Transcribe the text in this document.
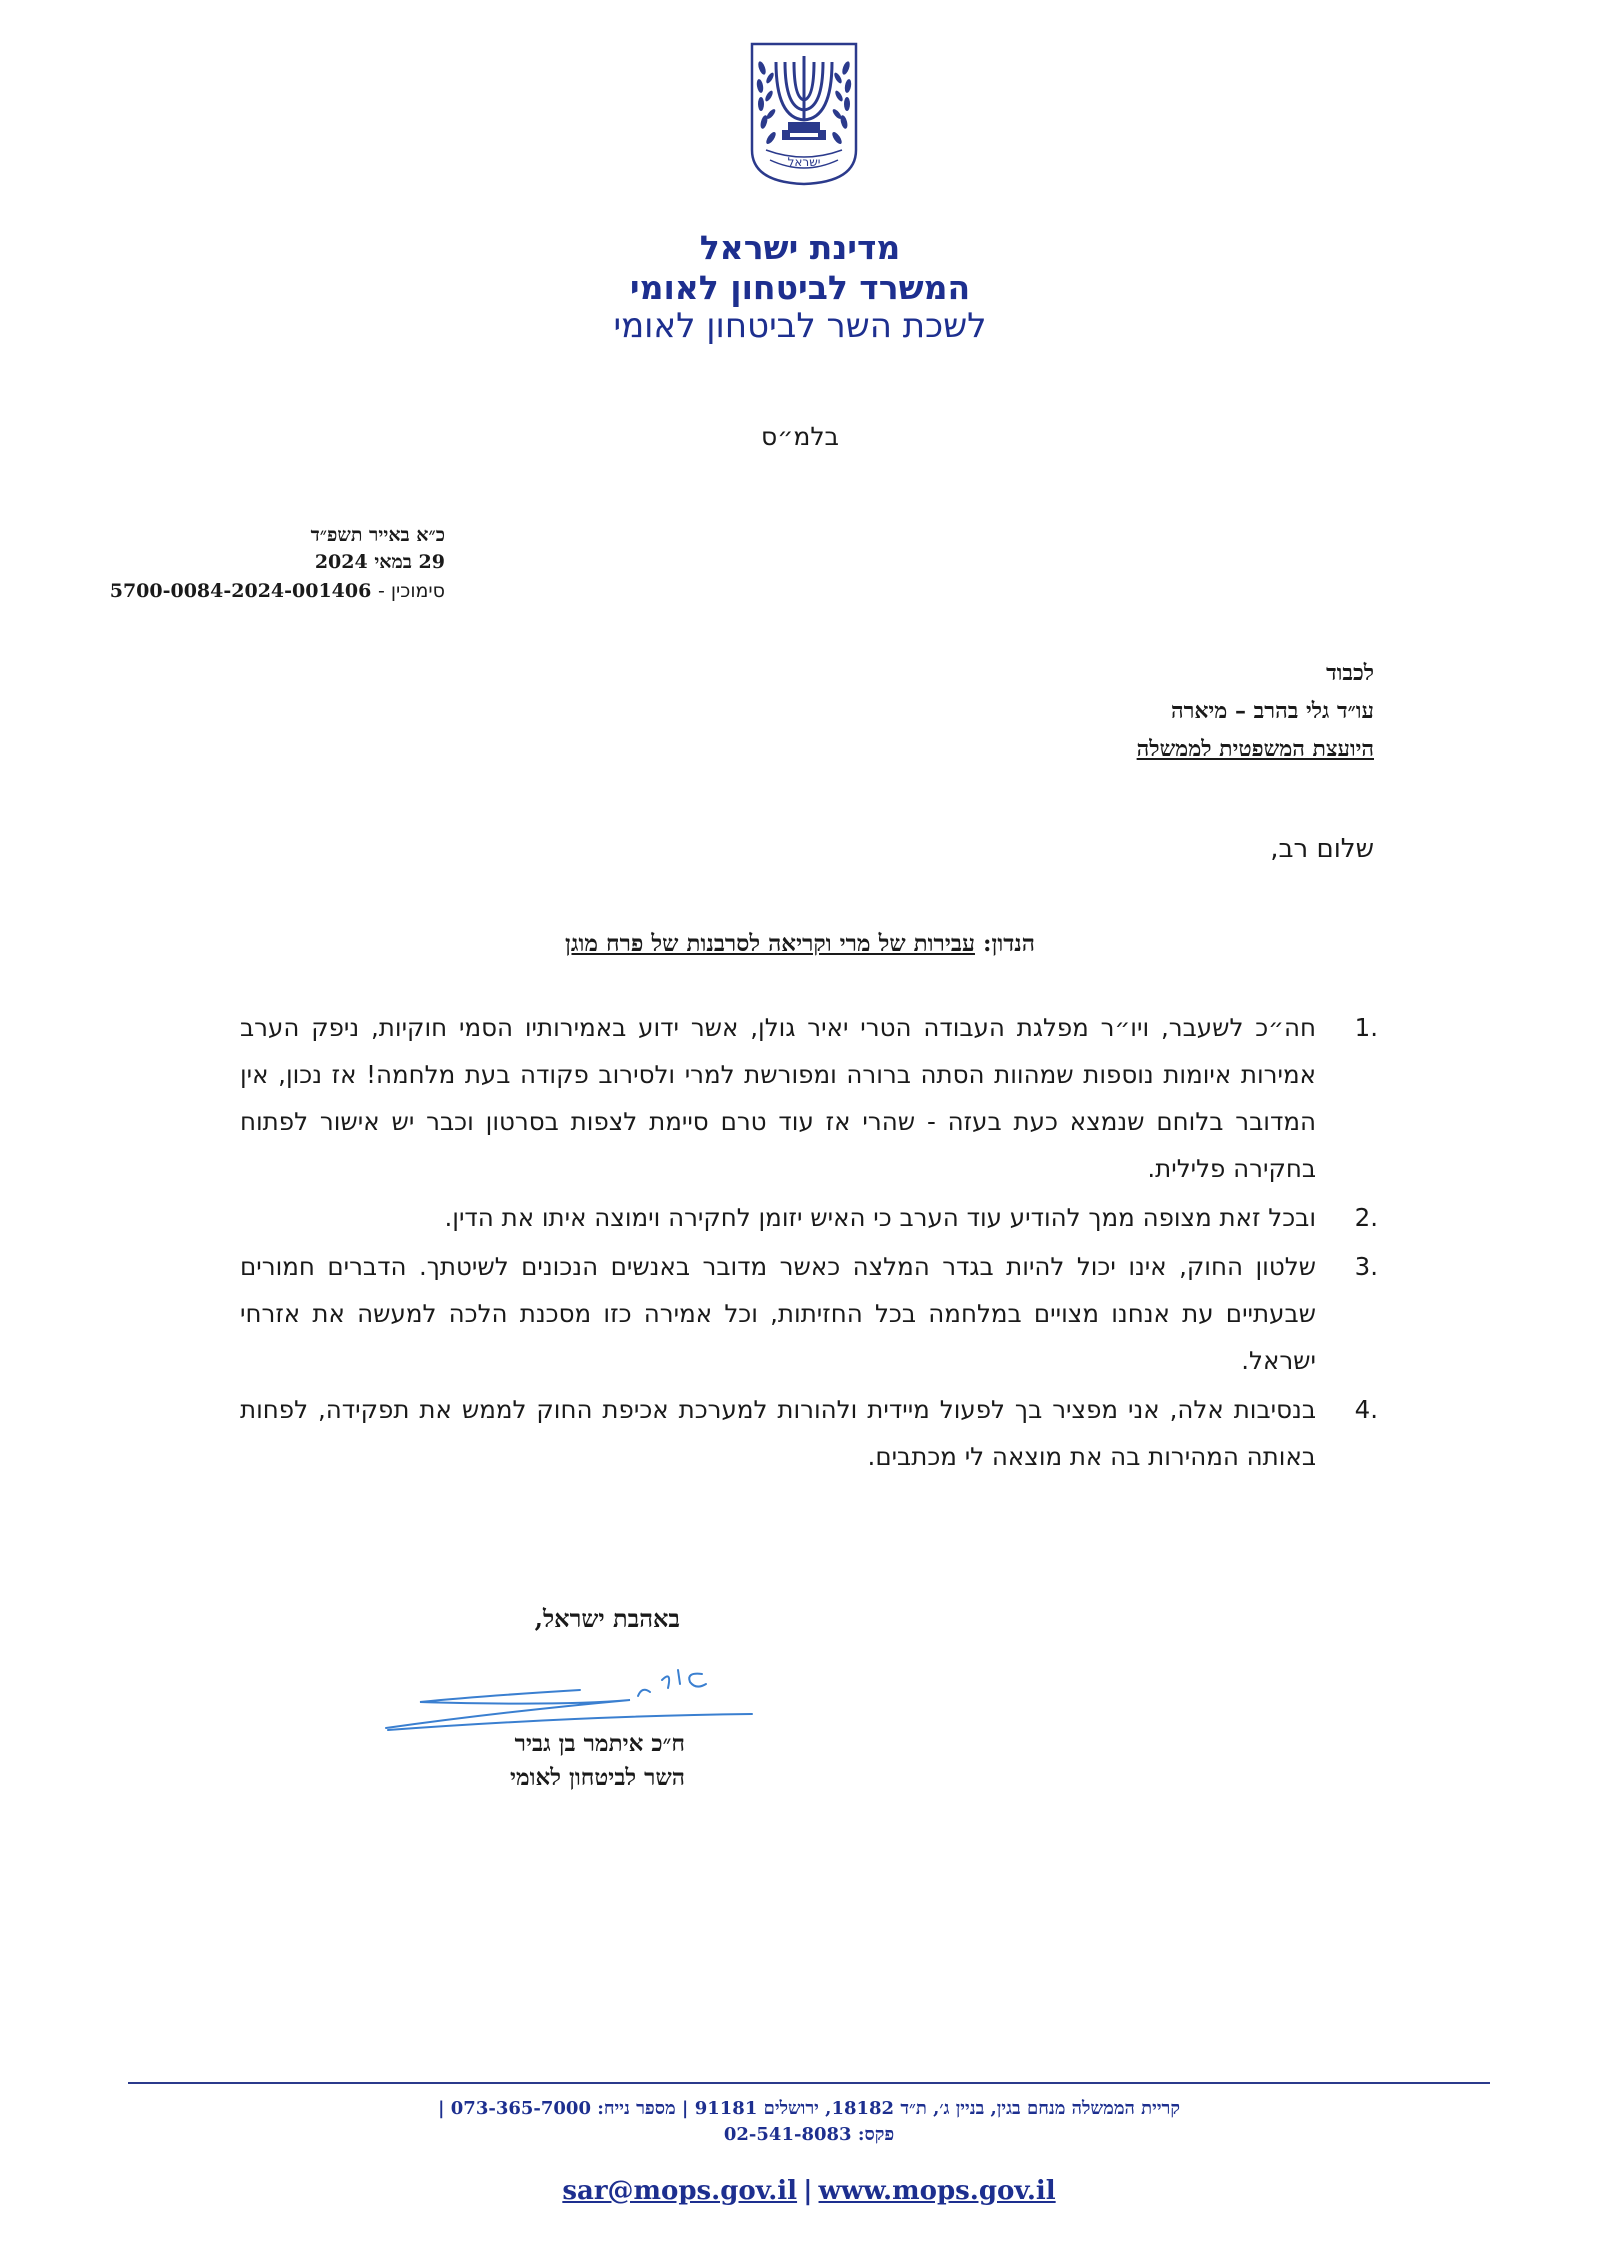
ישראל
מדינת ישראל
המשרד לביטחון לאומי
לשכת השר לביטחון לאומי
בלמ״ס
כ״א באייר תשפ״ד
29 במאי 2024
סימוכין - 5700-0084-2024-001406
לכבוד
עו״ד גלי בהרב – מיארה
היועצת המשפטית לממשלה
שלום רב,
הנדון: עבירות של מרי וקריאה לסרבנות של פרח מוגן
1.
חה״כ לשעבר, ויו״ר מפלגת העבודה הטרי יאיר גולן, אשר ידוע באמירותיו הסמי חוקיות, ניפק הערב אמירות איומות נוספות שמהוות הסתה ברורה ומפורשת למרי ולסירוב פקודה בעת מלחמה! אז נכון, אין המדובר בלוחם שנמצא כעת בעזה - שהרי אז עוד טרם סיימת לצפות בסרטון וכבר יש אישור לפתוח בחקירה פלילית.
2.
ובכל זאת מצופה ממך להודיע עוד הערב כי האיש יזומן לחקירה וימוצה איתו את הדין.
3.
שלטון החוק, אינו יכול להיות בגדר המלצה כאשר מדובר באנשים הנכונים לשיטתך. הדברים חמורים שבעתיים עת אנחנו מצויים במלחמה בכל החזיתות, וכל אמירה כזו מסכנת הלכה למעשה את אזרחי ישראל.
4.
בנסיבות אלה, אני מפציר בך לפעול מיידית ולהורות למערכת אכיפת החוק לממש את תפקידה, לפחות באותה המהירות בה את מוצאה לי מכתבים.
באהבת ישראל,
ח״כ איתמר בן גביר
השר לביטחון לאומי
קריית הממשלה מנחם בגין, בניין ג׳, ת״ד 18182, ירושלים 91181 | מספר נייח: 073-365-7000 |
פקס: 02-541-8083
sar@mops.gov.il | www.mops.gov.il
